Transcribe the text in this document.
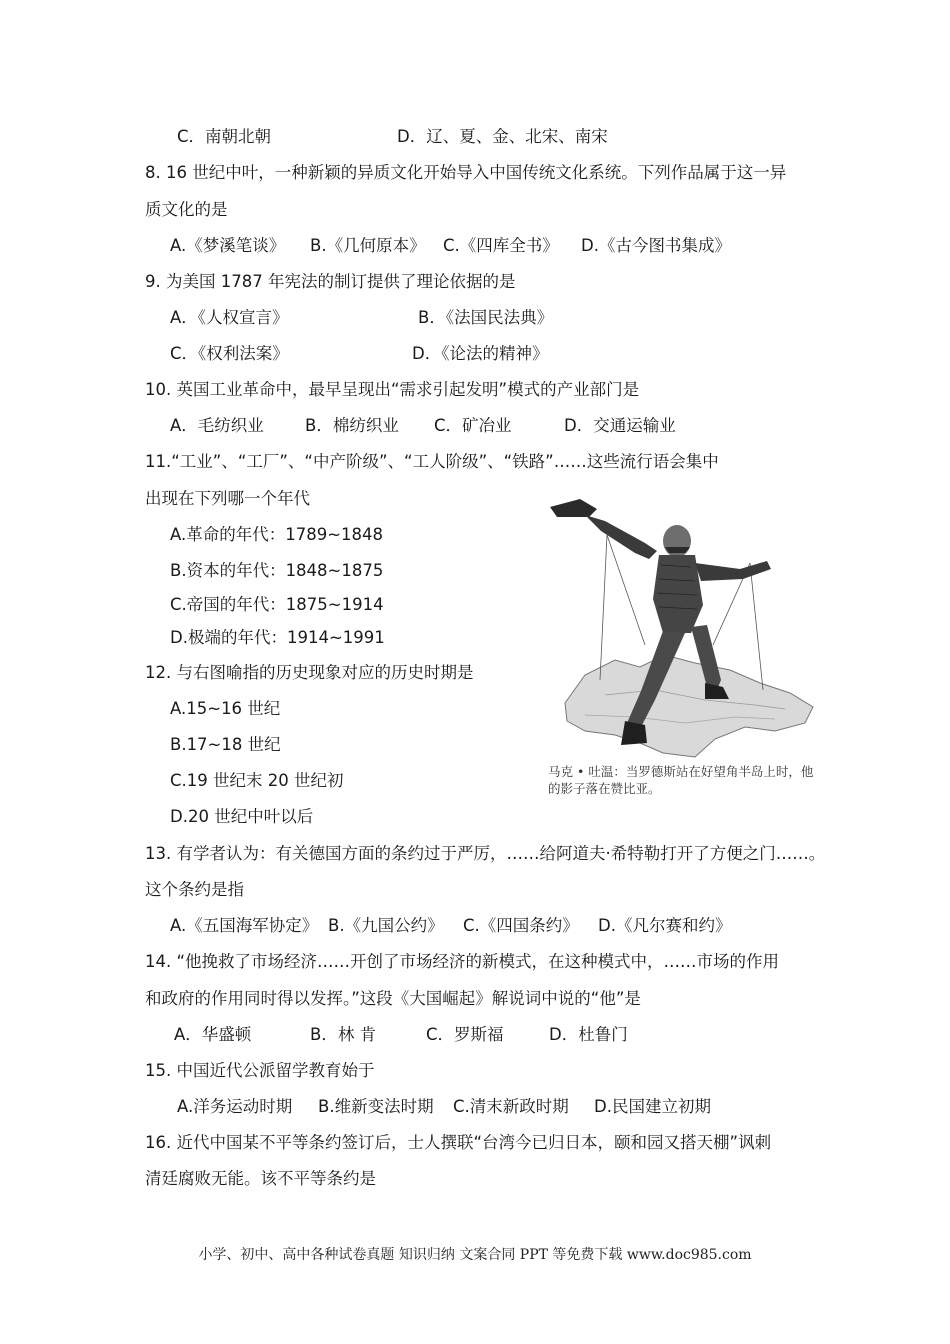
C．南朝北朝	D．辽、夏、金、北宋、南宋
8. 16 世纪中叶，一种新颖的异质文化开始导入中国传统文化系统。下列作品属于这一异
质文化的是
A.《梦溪笔谈》 B.《几何原本》 C.《四库全书》 D.《古今图书集成》
9. 为美国 1787 年宪法的制订提供了理论依据的是
A．《人权宣言》	B．《法国民法典》
C．《权利法案》	D．《论法的精神》
10. 英国工业革命中，最早呈现出“需求引起发明”模式的产业部门是
A．毛纺织业 B．棉纺织业 C．矿冶业	D．交通运输业
11.“工业”、“工厂”、“中产阶级”、“工人阶级”、“铁路”……这些流行语会集中
出现在下列哪一个年代
A.革命的年代：1789~1848
B.资本的年代：1848~1875
C.帝国的年代：1875~1914
D.极端的年代：1914~1991
12. 与右图喻指的历史现象对应的历史时期是
A.15~16 世纪
B.17~18 世纪
C.19 世纪末 20 世纪初
D.20 世纪中叶以后
马克 • 吐温：当罗德斯站在好望角半岛上时，他的影子落在赞比亚。
13. 有学者认为：有关德国方面的条约过于严厉，……给阿道夫·希特勒打开了方便之门……。
这个条约是指
A.《五国海军协定》 B.《九国公约》 C.《四国条约》 D.《凡尔赛和约》
14. “他挽救了市场经济……开创了市场经济的新模式，在这种模式中，……市场的作用
和政府的作用同时得以发挥。”这段《大国崛起》解说词中说的“他”是
A．华盛顿	B．林 肯	C．罗斯福	D．杜鲁门
15. 中国近代公派留学教育始于
A.洋务运动时期 B.维新变法时期 C.清末新政时期 D.民国建立初期
16. 近代中国某不平等条约签订后，士人撰联“台湾今已归日本，颐和园又搭天棚”讽刺
清廷腐败无能。该不平等条约是
小学、初中、高中各种试卷真题 知识归纳 文案合同 PPT 等免费下载 www.doc985.com
